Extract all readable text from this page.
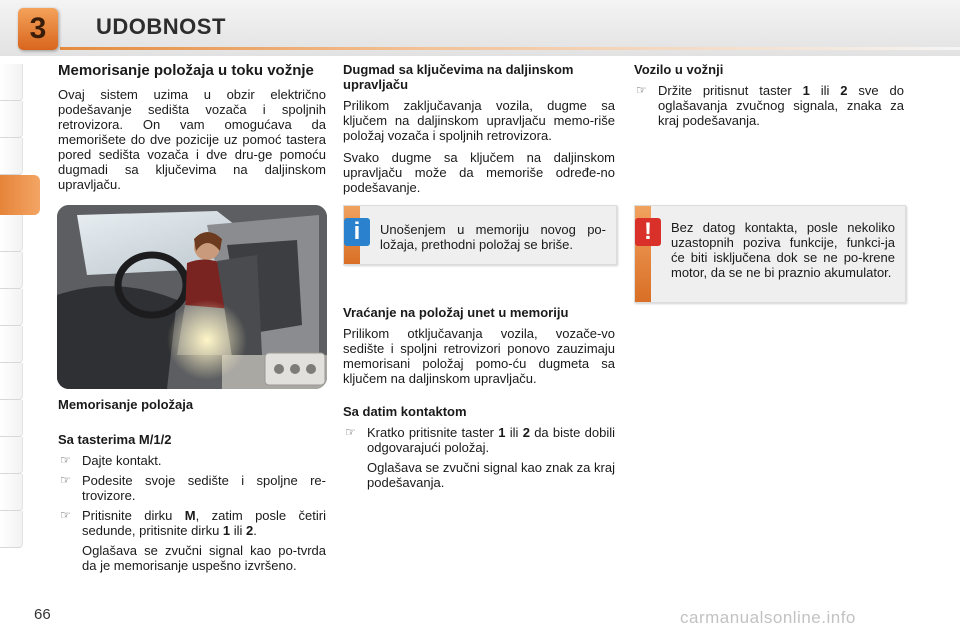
3	UDOBNOST
Memorisanje položaja u toku vožnje

Ovaj sistem uzima u obzir električno podešavanje sedišta vozača i spoljnih retrovizora. On vam omogućava da memorišete do dve pozicije uz pomoć tastera pored sedišta vozača i dve dru-ge pomoću dugmadi sa ključevima na daljinskom upravljaču.

Memorisanje položaja
Sa tasterima M/1/2
☞ Dajte kontakt.
☞ Podesite svoje sedište i spoljne re-trovizore.
☞ Pritisnite dirku M, zatim posle četiri sedunde, pritisnite dirku 1 ili 2.

Oglašava se zvučni signal kao po-tvrda da je memorisanje uspešno izvršeno.

Dugmad sa ključevima na daljinskom upravljaču

Prilikom zaključavanja vozila, dugme sa ključem na daljinskom upravljaču memo-riše položaj vozača i spoljnih retrovizora.

Svako dugme sa ključem na daljinskom upravljaču može da memoriše određe-no podešavanje.

i	Unošenjem u memoriju novog po-ložaja, prethodni položaj se briše.
Vraćanje na položaj unet u memoriju

Prilikom otključavanja vozila, vozače-vo sedište i spoljni retrovizori ponovo zauzimaju memorisani položaj pomo-ću dugmeta sa ključem na daljinskom upravljaču.

Sa datim kontaktom
☞ Kratko pritisnite taster 1 ili 2 da biste dobili odgovarajući položaj.

Oglašava se zvučni signal kao znak za kraj podešavanja.

Vozilo u vožnji
☞ Držite pritisnut taster 1 ili 2 sve do oglašavanja zvučnog signala, znaka za kraj podešavanja.
!	Bez datog kontakta, posle nekoliko uzastopnih poziva funkcije, funkci-ja će biti isključena dok se ne po-krene motor, da se ne bi praznio akumulator.
66	carmanualsonline.info
